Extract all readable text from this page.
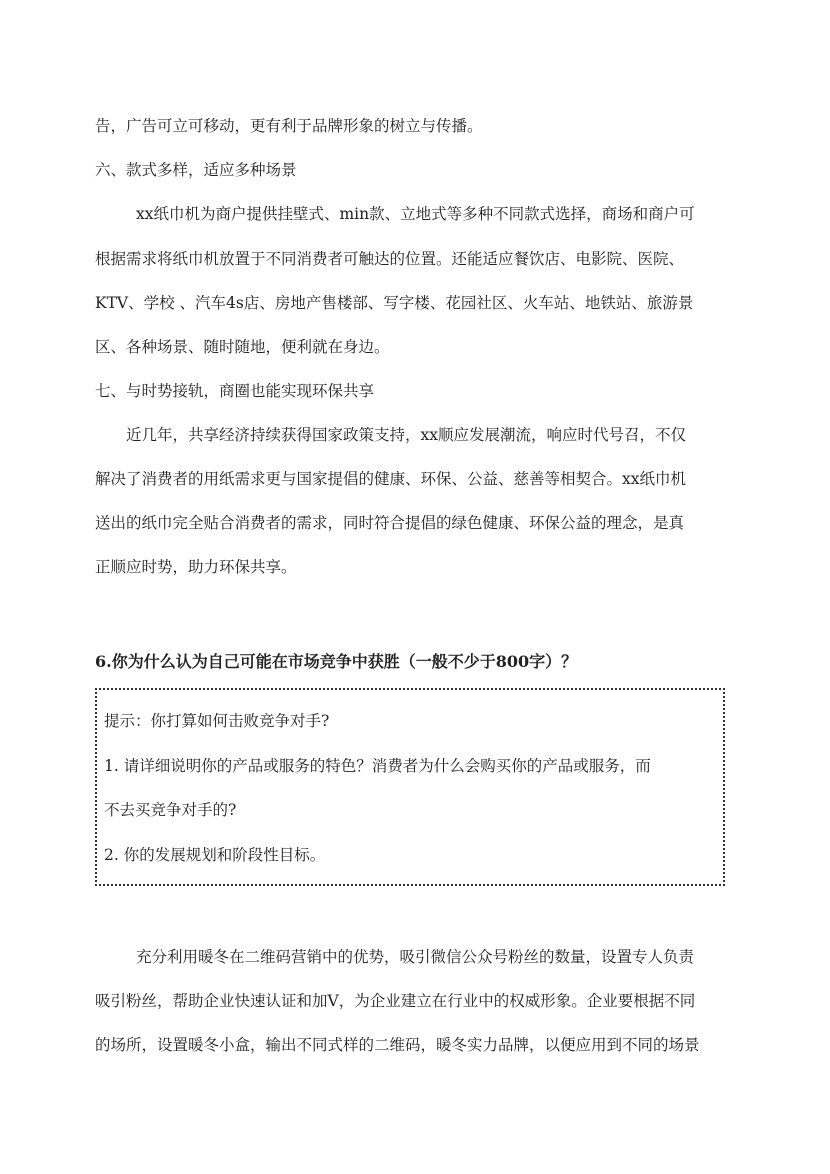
告，广告可立可移动，更有利于品牌形象的树立与传播。
六、款式多样，适应多种场景
xx纸巾机为商户提供挂壁式、min款、立地式等多种不同款式选择，商场和商户可
根据需求将纸巾机放置于不同消费者可触达的位置。还能适应餐饮店、电影院、医院、
KTV、学校 、汽车4s店、房地产售楼部、写字楼、花园社区、火车站、地铁站、旅游景
区、各种场景、随时随地，便利就在身边。
七、与时势接轨，商圈也能实现环保共享
近几年，共享经济持续获得国家政策支持，xx顺应发展潮流，响应时代号召，不仅
解决了消费者的用纸需求更与国家提倡的健康、环保、公益、慈善等相契合。xx纸巾机
送出的纸巾完全贴合消费者的需求，同时符合提倡的绿色健康、环保公益的理念，是真
正顺应时势，助力环保共享。
6.你为什么认为自己可能在市场竞争中获胜（一般不少于800字）？
提示：你打算如何击败竞争对手?
1. 请详细说明你的产品或服务的特色？消费者为什么会购买你的产品或服务，而
不去买竞争对手的?
2. 你的发展规划和阶段性目标。
充分利用暖冬在二维码营销中的优势，吸引微信公众号粉丝的数量，设置专人负责
吸引粉丝，帮助企业快速认证和加V，为企业建立在行业中的权威形象。企业要根据不同
的场所，设置暖冬小盒，输出不同式样的二维码，暖冬实力品牌，以便应用到不同的场景
